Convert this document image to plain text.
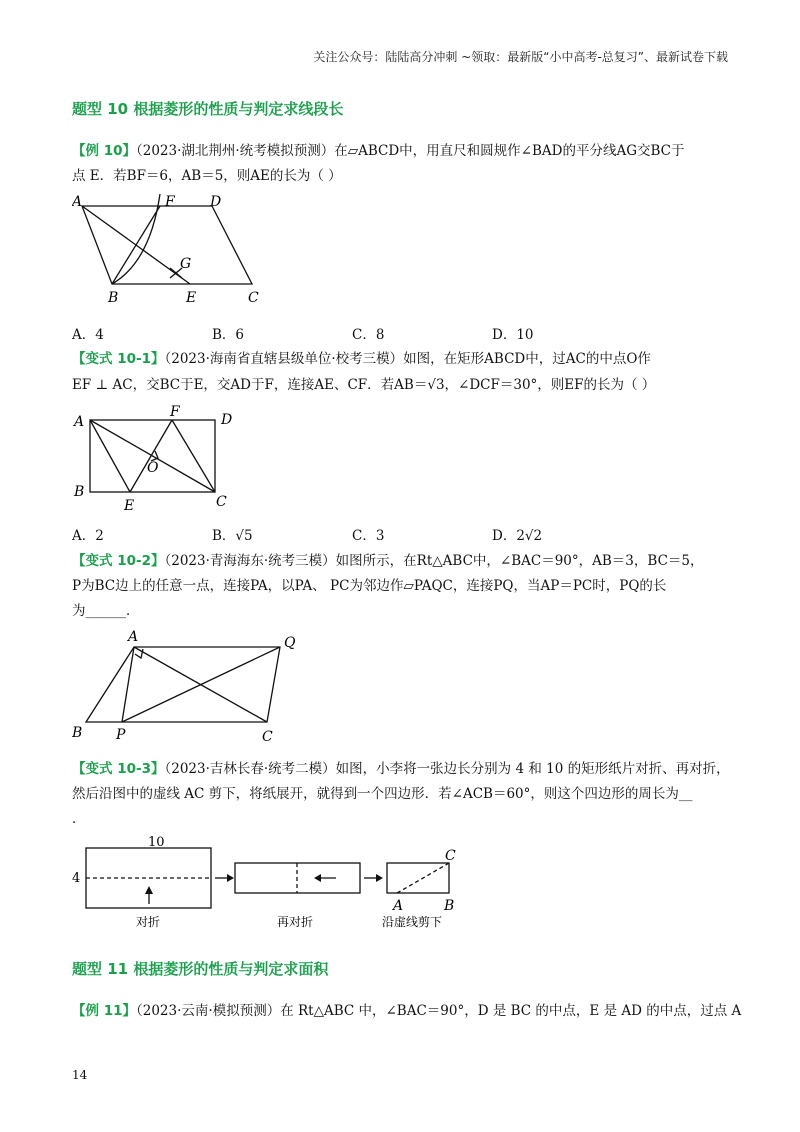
关注公众号：陆陆高分冲刺 ~领取：最新版“小中高考-总复习”、最新试卷下载
题型 10 根据菱形的性质与判定求线段长
【例 10】（2023·湖北荆州·统考模拟预测）在▱ABCD中，用直尺和圆规作∠BAD的平分线AG交BC于
点 E．若BF＝6，AB＝5，则AE的长为（ ）
A	F	D
G
B	E	C
A．4	B．6	C．8	D．10
【变式 10-1】（2023·海南省直辖县级单位·校考三模）如图，在矩形ABCD中，过AC的中点O作
EF ⊥ AC，交BC于E，交AD于F，连接AE、CF．若AB＝√3，∠DCF＝30°，则EF的长为（ ）
A
F	D
O
B
E	C
A．2	B．√5	C．3	D．2√2
【变式 10-2】（2023·青海海东·统考三模）如图所示，在Rt△ABC中，∠BAC＝90°，AB＝3，BC＝5，
P为BC边上的任意一点，连接PA，以PA、 PC为邻边作▱PAQC，连接PQ，当AP＝PC时，PQ的长
为______．
A	Q
B P	C
【变式 10-3】（2023·吉林长春·统考二模）如图，小李将一张边长分别为 4 和 10 的矩形纸片对折、再对折，
然后沿图中的虚线 AC 剪下，将纸展开，就得到一个四边形．若∠ACB＝60°，则这个四边形的周长为__
．
10
4
对折	再对折	沿虚线剪下
C
A	B
题型 11 根据菱形的性质与判定求面积
【例 11】（2023·云南·模拟预测）在 Rt△ABC 中，∠BAC＝90°，D 是 BC 的中点，E 是 AD 的中点，过点 A
14
